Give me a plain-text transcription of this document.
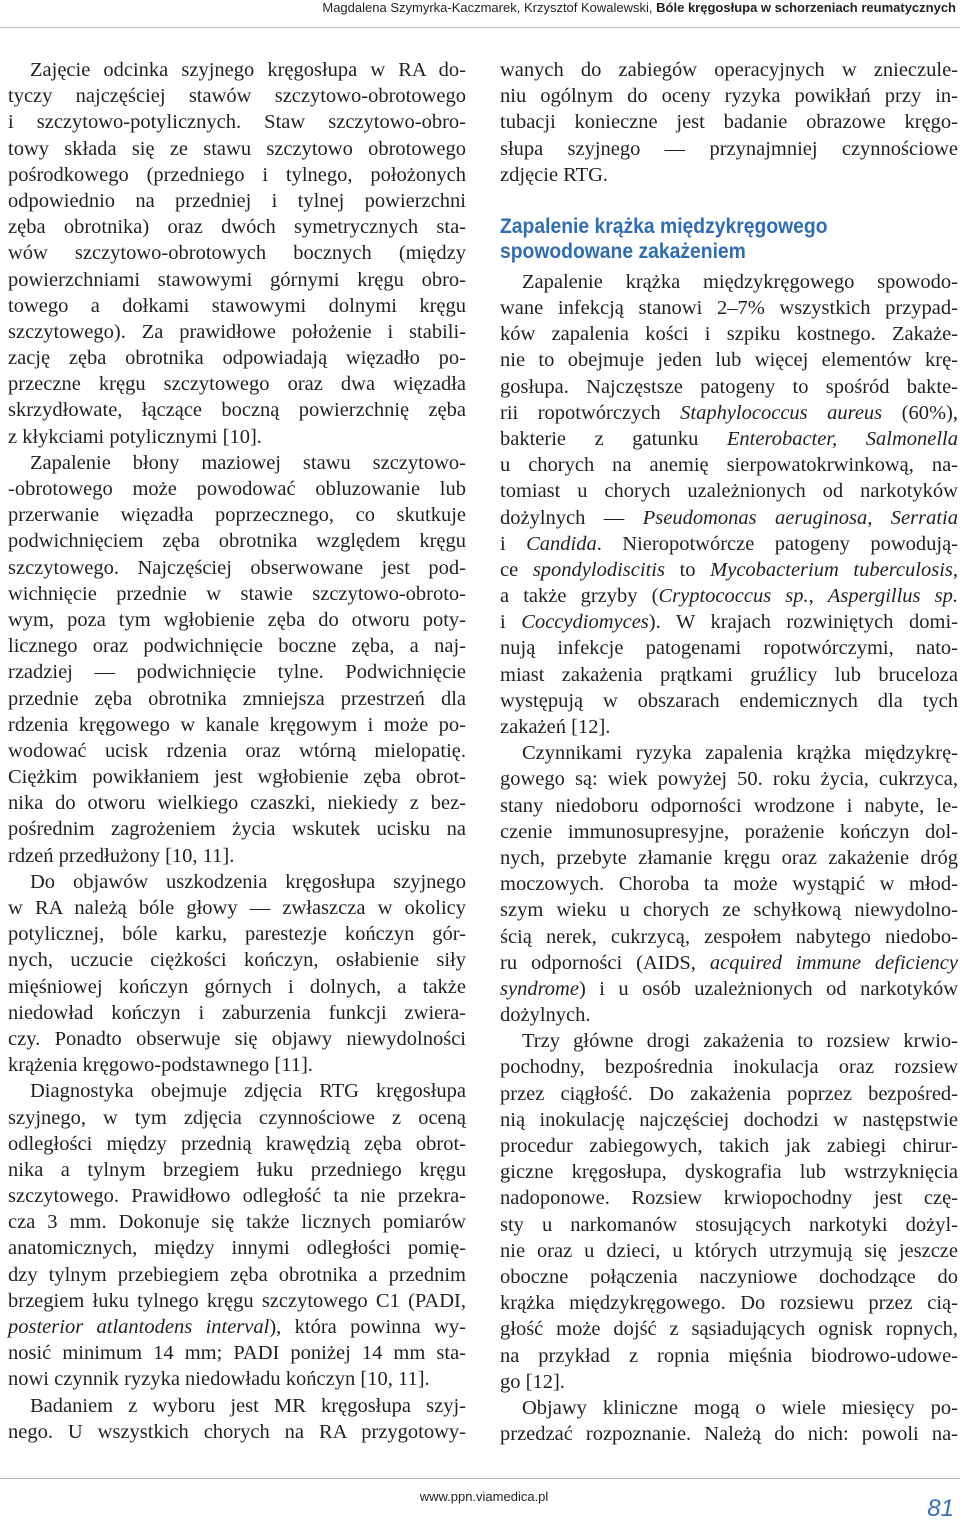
Magdalena Szymyrka-Kaczmarek, Krzysztof Kowalewski, Bóle kręgosłupa w schorzeniach reumatycznych
Zajęcie odcinka szyjnego kręgosłupa w RA do-
tyczy najczęściej stawów szczytowo-obrotowego
i szczytowo-potylicznych. Staw szczytowo-obro-
towy składa się ze stawu szczytowo obrotowego
pośrodkowego (przedniego i tylnego, położonych
odpowiednio na przedniej i tylnej powierzchni
zęba obrotnika) oraz dwóch symetrycznych sta-
wów szczytowo-obrotowych bocznych (między
powierzchniami stawowymi górnymi kręgu obro-
towego a dołkami stawowymi dolnymi kręgu
szczytowego). Za prawidłowe położenie i stabili-
zację zęba obrotnika odpowiadają więzadło po-
przeczne kręgu szczytowego oraz dwa więzadła
skrzydłowate, łączące boczną powierzchnię zęba
z kłykciami potylicznymi [10].
Zapalenie błony maziowej stawu szczytowo-
-obrotowego może powodować obluzowanie lub
przerwanie więzadła poprzecznego, co skutkuje
podwichnięciem zęba obrotnika względem kręgu
szczytowego. Najczęściej obserwowane jest pod-
wichnięcie przednie w stawie szczytowo-obroto-
wym, poza tym wgłobienie zęba do otworu poty-
licznego oraz podwichnięcie boczne zęba, a naj-
rzadziej — podwichnięcie tylne. Podwichnięcie
przednie zęba obrotnika zmniejsza przestrzeń dla
rdzenia kręgowego w kanale kręgowym i może po-
wodować ucisk rdzenia oraz wtórną mielopatię.
Ciężkim powikłaniem jest wgłobienie zęba obrot-
nika do otworu wielkiego czaszki, niekiedy z bez-
pośrednim zagrożeniem życia wskutek ucisku na
rdzeń przedłużony [10, 11].
Do objawów uszkodzenia kręgosłupa szyjnego
w RA należą bóle głowy — zwłaszcza w okolicy
potylicznej, bóle karku, parestezje kończyn gór-
nych, uczucie ciężkości kończyn, osłabienie siły
mięśniowej kończyn górnych i dolnych, a także
niedowład kończyn i zaburzenia funkcji zwiera-
czy. Ponadto obserwuje się objawy niewydolności
krążenia kręgowo-podstawnego [11].
Diagnostyka obejmuje zdjęcia RTG kręgosłupa
szyjnego, w tym zdjęcia czynnościowe z oceną
odległości między przednią krawędzią zęba obrot-
nika a tylnym brzegiem łuku przedniego kręgu
szczytowego. Prawidłowo odległość ta nie przekra-
cza 3 mm. Dokonuje się także licznych pomiarów
anatomicznych, między innymi odległości pomię-
dzy tylnym przebiegiem zęba obrotnika a przednim
brzegiem łuku tylnego kręgu szczytowego C1 (PADI,
posterior atlantodens interval), która powinna wy-
nosić minimum 14 mm; PADI poniżej 14 mm sta-
nowi czynnik ryzyka niedowładu kończyn [10, 11].
Badaniem z wyboru jest MR kręgosłupa szyj-
nego. U wszystkich chorych na RA przygotowy-
wanych do zabiegów operacyjnych w znieczule-
niu ogólnym do oceny ryzyka powikłań przy in-
tubacji konieczne jest badanie obrazowe kręgo-
słupa szyjnego — przynajmniej czynnościowe
zdjęcie RTG.
Zapalenie krążka międzykręgowego
spowodowane zakażeniem
Zapalenie krążka międzykręgowego spowodo-
wane infekcją stanowi 2–7% wszystkich przypad-
ków zapalenia kości i szpiku kostnego. Zakaże-
nie to obejmuje jeden lub więcej elementów krę-
gosłupa. Najczęstsze patogeny to spośród bakte-
rii ropotwórczych Staphylococcus aureus (60%),
bakterie z gatunku Enterobacter, Salmonella
u chorych na anemię sierpowatokrwinkową, na-
tomiast u chorych uzależnionych od narkotyków
dożylnych — Pseudomonas aeruginosa, Serratia
i Candida. Nieropotwórcze patogeny powodują-
ce spondylodiscitis to Mycobacterium tuberculosis,
a także grzyby (Cryptococcus sp., Aspergillus sp.
i Coccydiomyces). W krajach rozwiniętych domi-
nują infekcje patogenami ropotwórczymi, nato-
miast zakażenia prątkami gruźlicy lub bruceloza
występują w obszarach endemicznych dla tych
zakażeń [12].
Czynnikami ryzyka zapalenia krążka międzykrę-
gowego są: wiek powyżej 50. roku życia, cukrzyca,
stany niedoboru odporności wrodzone i nabyte, le-
czenie immunosupresyjne, porażenie kończyn dol-
nych, przebyte złamanie kręgu oraz zakażenie dróg
moczowych. Choroba ta może wystąpić w młod-
szym wieku u chorych ze schyłkową niewydolno-
ścią nerek, cukrzycą, zespołem nabytego niedobo-
ru odporności (AIDS, acquired immune deficiency
syndrome) i u osób uzależnionych od narkotyków
dożylnych.
Trzy główne drogi zakażenia to rozsiew krwio-
pochodny, bezpośrednia inokulacja oraz rozsiew
przez ciągłość. Do zakażenia poprzez bezpośred-
nią inokulację najczęściej dochodzi w następstwie
procedur zabiegowych, takich jak zabiegi chirur-
giczne kręgosłupa, dyskografia lub wstrzyknięcia
nadoponowe. Rozsiew krwiopochodny jest czę-
sty u narkomanów stosujących narkotyki dożyl-
nie oraz u dzieci, u których utrzymują się jeszcze
oboczne połączenia naczyniowe dochodzące do
krążka międzykręgowego. Do rozsiewu przez cią-
głość może dojść z sąsiadujących ognisk ropnych,
na przykład z ropnia mięśnia biodrowo-udowe-
go [12].
Objawy kliniczne mogą o wiele miesięcy po-
przedzać rozpoznanie. Należą do nich: powoli na-
www.ppn.viamedica.pl	81
